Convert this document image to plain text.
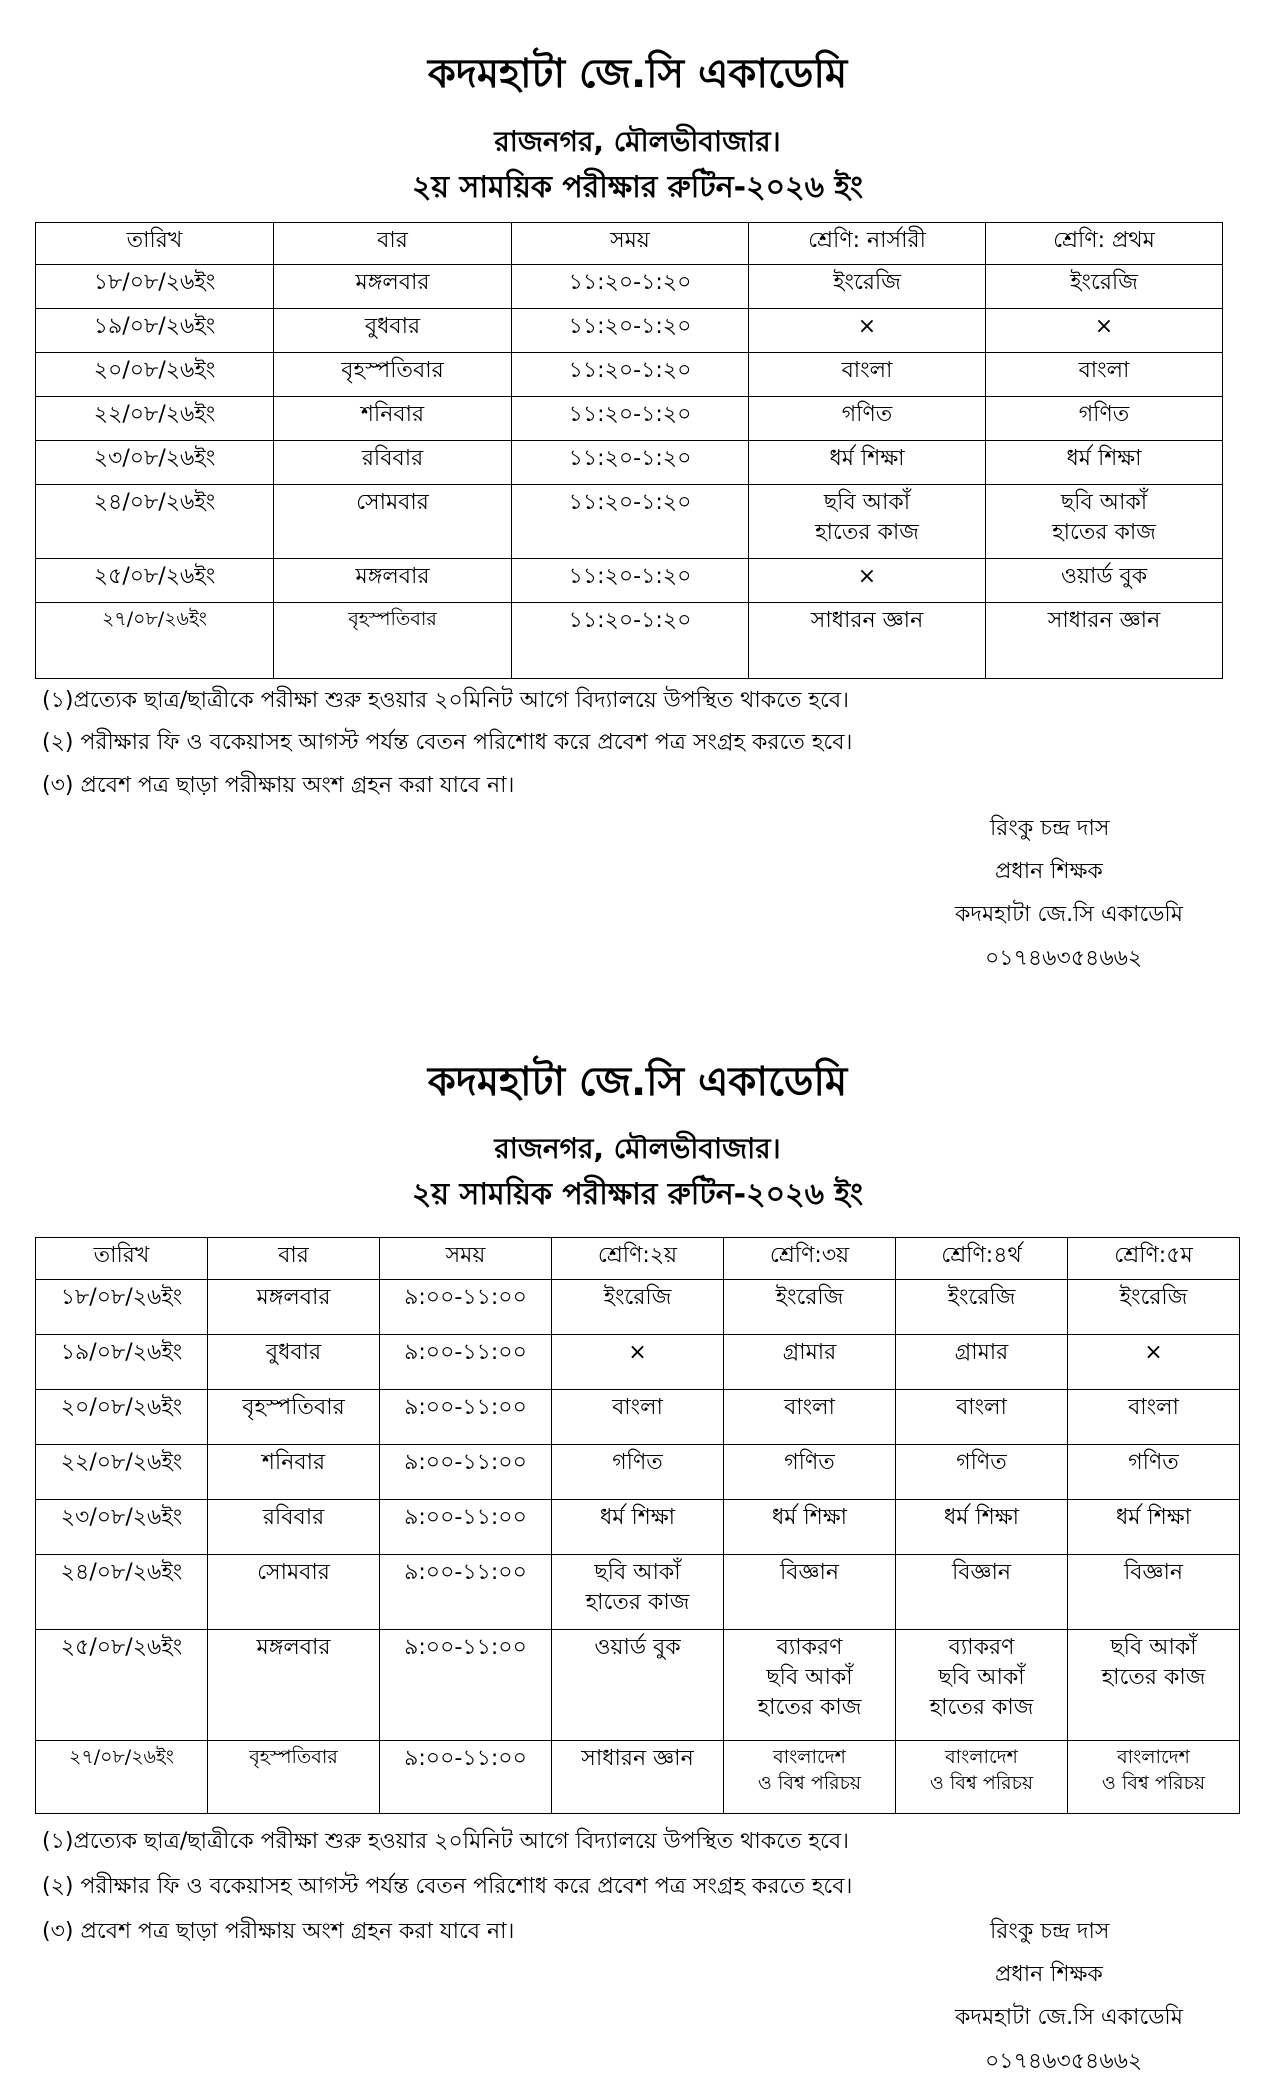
কদমহাটা জে.সি একাডেমি
রাজনগর, মৌলভীবাজার।
২য় সাময়িক পরীক্ষার রুটিন-২০২৬ ইং
তারিখ	বার	সময়	শ্রেণি: নার্সারী	শ্রেণি: প্রথম
১৮/০৮/২৬ইং	মঙ্গলবার	১১:২০-১:২০	ইংরেজি	ইংরেজি
১৯/০৮/২৬ইং	বুধবার	১১:২০-১:২০	×	×
২০/০৮/২৬ইং	বৃহস্পতিবার	১১:২০-১:২০	বাংলা	বাংলা
২২/০৮/২৬ইং	শনিবার	১১:২০-১:২০	গণিত	গণিত
২৩/০৮/২৬ইং	রবিবার	১১:২০-১:২০	ধর্ম শিক্ষা	ধর্ম শিক্ষা
২৪/০৮/২৬ইং	সোমবার	১১:২০-১:২০	ছবি আকাঁ
হাতের কাজ	ছবি আকাঁ
হাতের কাজ

২৫/০৮/২৬ইং	মঙ্গলবার	১১:২০-১:২০	×	ওয়ার্ড বুক
২৭/০৮/২৬ইং	বৃহস্পতিবার	১১:২০-১:২০	সাধারন জ্ঞান	সাধারন জ্ঞান
(১)প্রত্যেক ছাত্র/ছাত্রীকে পরীক্ষা শুরু হওয়ার ২০মিনিট আগে বিদ্যালয়ে উপস্থিত থাকতে হবে।
(২) পরীক্ষার ফি ও বকেয়াসহ আগস্ট পর্যন্ত বেতন পরিশোধ করে প্রবেশ পত্র সংগ্রহ করতে হবে।
(৩) প্রবেশ পত্র ছাড়া পরীক্ষায় অংশ গ্রহন করা যাবে না।
রিংকু চন্দ্র দাস
প্রধান শিক্ষক
কদমহাটা জে.সি একাডেমি
০১৭৪৬৩৫৪৬৬২
কদমহাটা জে.সি একাডেমি
রাজনগর, মৌলভীবাজার।
২য় সাময়িক পরীক্ষার রুটিন-২০২৬ ইং
তারিখ	বার	সময়	শ্রেণি:২য়	শ্রেণি:৩য়	শ্রেণি:৪র্থ	শ্রেণি:৫ম
১৮/০৮/২৬ইং	মঙ্গলবার	৯:০০-১১:০০	ইংরেজি	ইংরেজি	ইংরেজি	ইংরেজি
১৯/০৮/২৬ইং	বুধবার	৯:০০-১১:০০	×	গ্রামার	গ্রামার	×
২০/০৮/২৬ইং	বৃহস্পতিবার	৯:০০-১১:০০	বাংলা	বাংলা	বাংলা	বাংলা
২২/০৮/২৬ইং	শনিবার	৯:০০-১১:০০	গণিত	গণিত	গণিত	গণিত
২৩/০৮/২৬ইং	রবিবার	৯:০০-১১:০০	ধর্ম শিক্ষা	ধর্ম শিক্ষা	ধর্ম শিক্ষা	ধর্ম শিক্ষা
২৪/০৮/২৬ইং	সোমবার	৯:০০-১১:০০	ছবি আকাঁ
হাতের কাজ	বিজ্ঞান	বিজ্ঞান	বিজ্ঞান
২৫/০৮/২৬ইং	মঙ্গলবার	৯:০০-১১:০০	ওয়ার্ড বুক	ব্যাকরণ
ছবি আকাঁ
হাতের কাজ	ব্যাকরণ
ছবি আকাঁ
হাতের কাজ	ছবি আকাঁ
হাতের কাজ

২৭/০৮/২৬ইং	বৃহস্পতিবার	৯:০০-১১:০০	সাধারন জ্ঞান	বাংলাদেশ
ও বিশ্ব পরিচয়	বাংলাদেশ
ও বিশ্ব পরিচয়	বাংলাদেশ
ও বিশ্ব পরিচয়
(১)প্রত্যেক ছাত্র/ছাত্রীকে পরীক্ষা শুরু হওয়ার ২০মিনিট আগে বিদ্যালয়ে উপস্থিত থাকতে হবে।
(২) পরীক্ষার ফি ও বকেয়াসহ আগস্ট পর্যন্ত বেতন পরিশোধ করে প্রবেশ পত্র সংগ্রহ করতে হবে।
(৩) প্রবেশ পত্র ছাড়া পরীক্ষায় অংশ গ্রহন করা যাবে না।	রিংকু চন্দ্র দাস
প্রধান শিক্ষক
কদমহাটা জে.সি একাডেমি
০১৭৪৬৩৫৪৬৬২
